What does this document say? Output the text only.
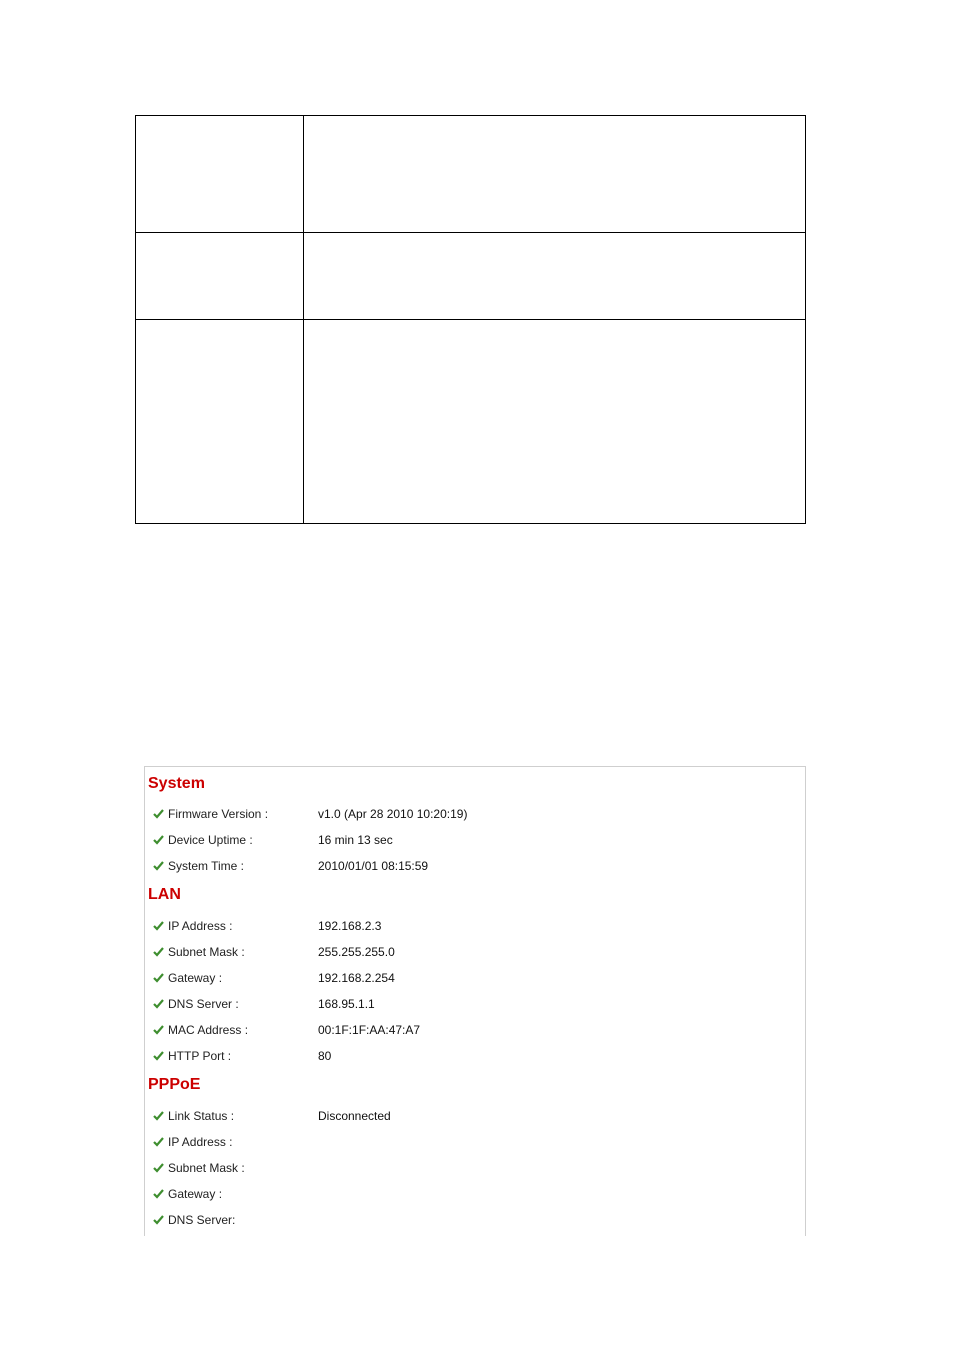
System
Firmware Version :	v1.0 (Apr 28 2010 10:20:19)
Device Uptime :	16 min 13 sec
System Time :	2010/01/01 08:15:59
LAN
IP Address :	192.168.2.3
Subnet Mask :	255.255.255.0
Gateway :	192.168.2.254
DNS Server :	168.95.1.1
MAC Address :	00:1F:1F:AA:47:A7
HTTP Port :	80
PPPoE
Link Status :	Disconnected
IP Address :
Subnet Mask :
Gateway :
DNS Server:
